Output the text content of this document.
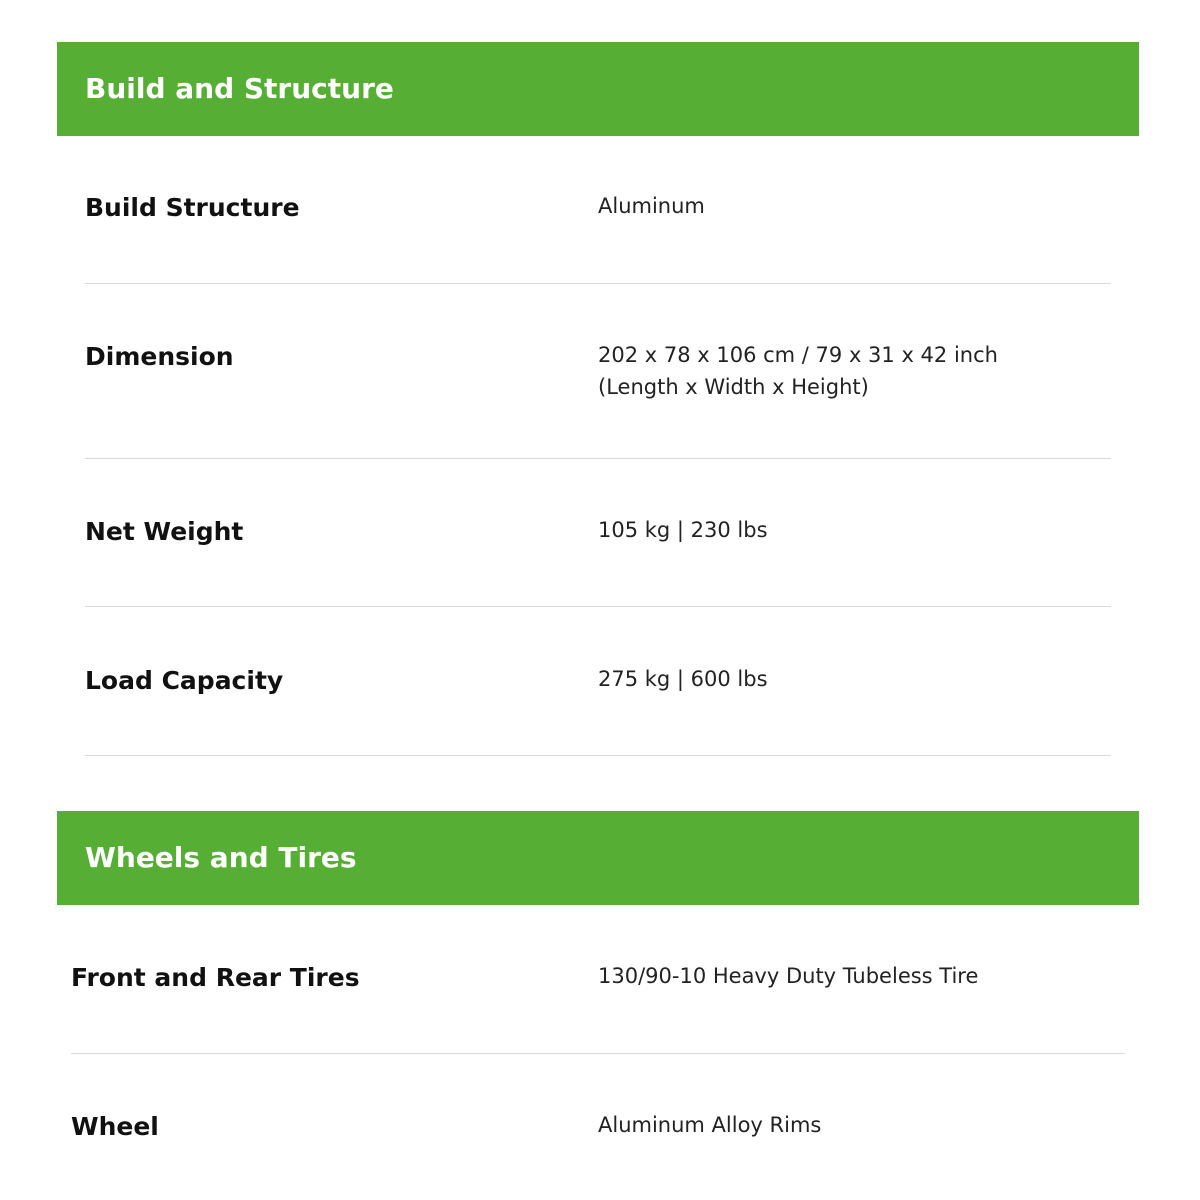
Build and Structure
Build Structure	Aluminum
Dimension	202 x 78 x 106 cm / 79 x 31 x 42 inch
(Length x Width x Height)
Net Weight	105 kg | 230 lbs
Load Capacity	275 kg | 600 lbs
Wheels and Tires
Front and Rear Tires	130/90-10 Heavy Duty Tubeless Tire
Wheel	Aluminum Alloy Rims
